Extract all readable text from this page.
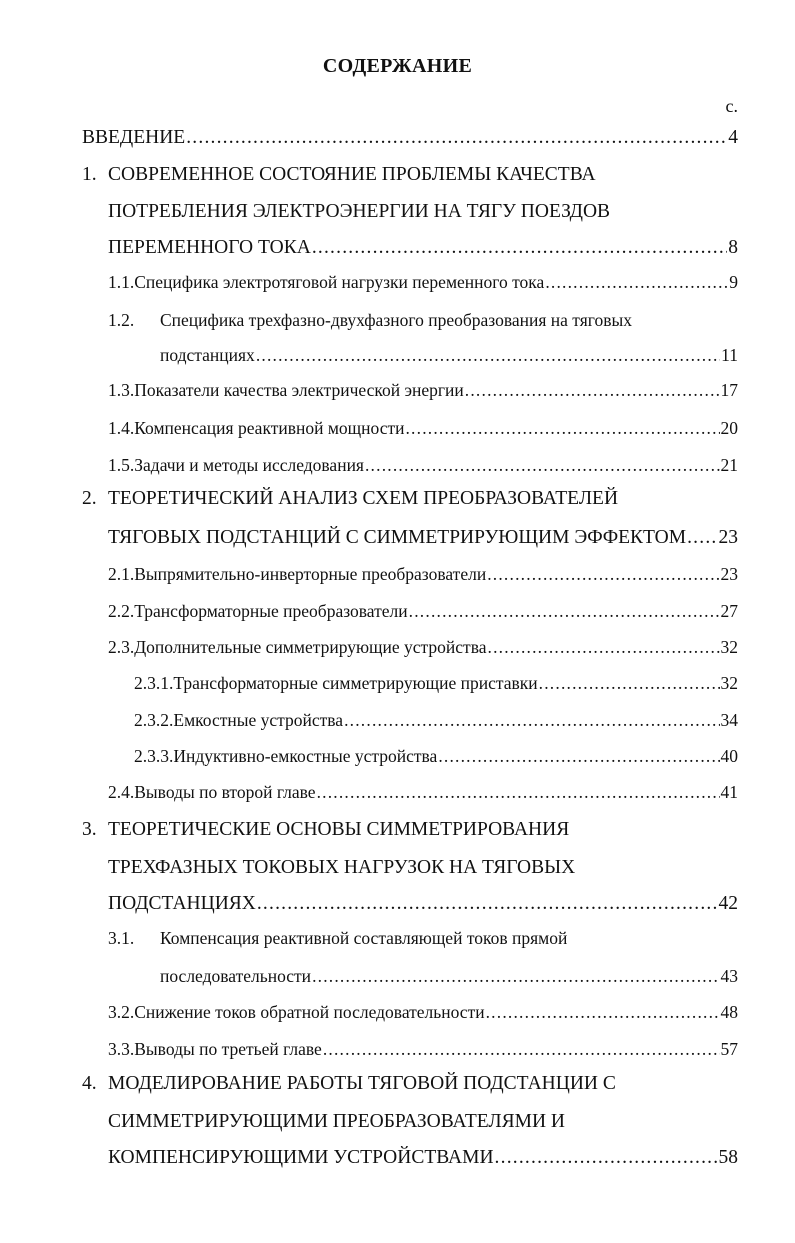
СОДЕРЖАНИЕ
с.
ВВЕДЕНИЕ .....	4
1. СОВРЕМЕННОЕ СОСТОЯНИЕ ПРОБЛЕМЫ КАЧЕСТВА
ПОТРЕБЛЕНИЯ ЭЛЕКТРОЭНЕРГИИ НА ТЯГУ ПОЕЗДОВ
ПЕРЕМЕННОГО ТОКА .....	8
1.1. Специфика электротяговой нагрузки переменного тока .....	9
1.2.	Специфика трехфазно-двухфазного преобразования на тяговых
подстанциях .....	11
1.3. Показатели качества электрической энергии .....	17
1.4. Компенсация реактивной мощности .....	20
1.5. Задачи и методы исследования .....	21
2. ТЕОРЕТИЧЕСКИЙ АНАЛИЗ СХЕМ ПРЕОБРАЗОВАТЕЛЕЙ
ТЯГОВЫХ ПОДСТАНЦИЙ С СИММЕТРИРУЮЩИМ ЭФФЕКТОМ ..... 23
2.1. Выпрямительно-инверторные преобразователи .....	23
2.2. Трансформаторные преобразователи .....	27
2.3. Дополнительные симметрирующие устройства .....	32
2.3.1. Трансформаторные симметрирующие приставки .....	32
2.3.2. Емкостные устройства .....	34
2.3.3. Индуктивно-емкостные устройства .....	40
2.4. Выводы по второй главе .....	41
3. ТЕОРЕТИЧЕСКИЕ ОСНОВЫ СИММЕТРИРОВАНИЯ
ТРЕХФАЗНЫХ ТОКОВЫХ НАГРУЗОК НА ТЯГОВЫХ
ПОДСТАНЦИЯХ .....	42
3.1.	Компенсация реактивной составляющей токов прямой
последовательности .....	43
3.2. Снижение токов обратной последовательности .....	48
3.3. Выводы по третьей главе .....	57
4. МОДЕЛИРОВАНИЕ РАБОТЫ ТЯГОВОЙ ПОДСТАНЦИИ С
СИММЕТРИРУЮЩИМИ ПРЕОБРАЗОВАТЕЛЯМИ И
КОМПЕНСИРУЮЩИМИ УСТРОЙСТВАМИ .....	58
